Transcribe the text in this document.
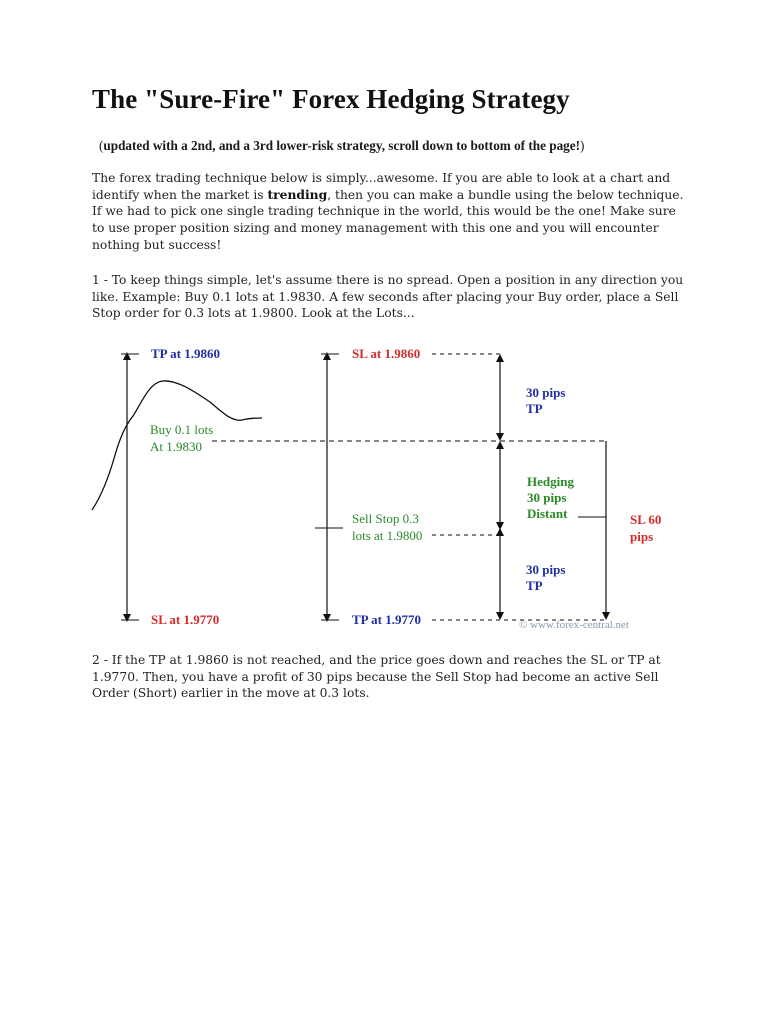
The "Sure-Fire" Forex Hedging Strategy

(updated with a 2nd, and a 3rd lower-risk strategy, scroll down to bottom of the page!)

The forex trading technique below is simply...awesome. If you are able to look at a chart and identify when the market is trending, then you can make a bundle using the below technique. If we had to pick one single trading technique in the world, this would be the one! Make sure to use proper position sizing and money management with this one and you will encounter nothing but success!

1 - To keep things simple, let's assume there is no spread. Open a position in any direction you like. Example: Buy 0.1 lots at 1.9830. A few seconds after placing your Buy order, place a Sell Stop order for 0.3 lots at 1.9800. Look at the Lots...

TP at 1.9860
SL at 1.9770
Buy 0.1 lots
At 1.9830
SL at 1.9860
TP at 1.9770
Sell Stop 0.3
lots at 1.9800
30 pips
TP
Hedging
30 pips
Distant
30 pips
TP
SL 60
pips
© www.forex-central.net

2 - If the TP at 1.9860 is not reached, and the price goes down and reaches the SL or TP at 1.9770. Then, you have a profit of 30 pips because the Sell Stop had become an active Sell Order (Short) earlier in the move at 0.3 lots.
